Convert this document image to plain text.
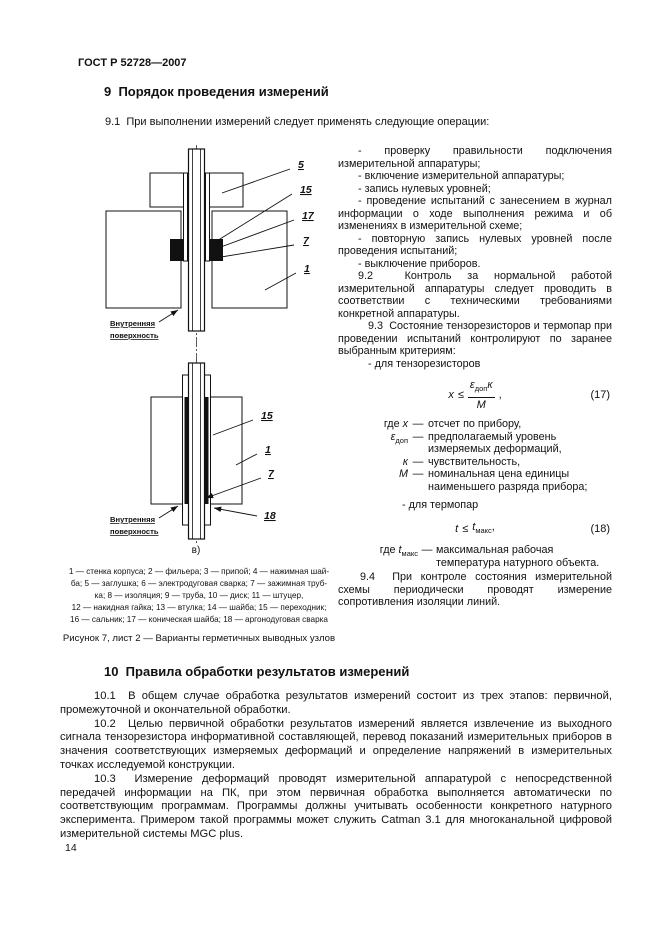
ГОСТ Р 52728—2007
9  Порядок проведения измерений
9.1  При выполнении измерений следует применять следующие операции:
5
15
17
7
1
Внутренняя
поверхность
15
1
7
18
Внутренняя
поверхность
в)
1 — стенка корпуса; 2 — фильера; 3 — припой; 4 — нажимная шай-
ба; 5 — заглушка; 6 — электродуговая сварка; 7 — зажимная труб-
ка; 8 — изоляция; 9 — труба, 10 — диск; 11 — штуцер,
12 — накидная гайка; 13 — втулка; 14 — шайба; 15 — переходник;
16 — сальник; 17 — коническая шайба; 18 — аргонодуговая сварка
Рисунок 7, лист 2 — Варианты герметичных выводных узлов

- проверку правильности подключения измерительной аппаратуры;

- включение измерительной аппаратуры;

- запись нулевых уровней;

- проведение испытаний с занесением в журнал информации о ходе выполнения режима и об изменениях в измерительной схеме;

- повторную запись нулевых уровней после проведения испытаний;

- выключение приборов.

9.2  Контроль за нормальной работой измерительной аппаратуры следует проводить в соответствии с техническими требованиями конкретной аппаратуры.

9.3  Состояние тензорезисторов и термопар при проведении испытаний контролируют по заранее выбранным критериям:

- для тензорезисторов

$x \le \frac{\varepsilon_{доп}к}{М}$ ,	(17)
где x — отсчет по прибору,
$\varepsilon_{доп}$ — предполагаемый уровень измеряемых деформаций,
к — чувствительность,
М — номинальная цена единицы наименьшего разряда прибора;

- для термопар

$t \le t_{макс}$,	(18)
где $t_{макс}$ — максимальная рабочая температура натурного объекта.

9.4  При контроле состояния измерительной схемы периодически проводят измерение сопротивления изоляции линий.

10  Правила обработки результатов измерений

10.1  В общем случае обработка результатов измерений состоит из трех этапов: первичной, промежуточной и окончательной обработки.

10.2  Целью первичной обработки результатов измерений является извлечение из выходного сигнала тензорезистора информативной составляющей, перевод показаний измерительных приборов в значения соответствующих измеряемых деформаций и определение напряжений в измерительных точках исследуемой конструкции.

10.3  Измерение деформаций проводят измерительной аппаратурой с непосредственной передачей информации на ПК, при этом первичная обработка выполняется автоматически по соответствующим программам. Программы должны учитывать особенности конкретного натурного эксперимента. Примером такой программы может служить Catman 3.1 для многоканальной цифровой измерительной системы MGC plus.

14
